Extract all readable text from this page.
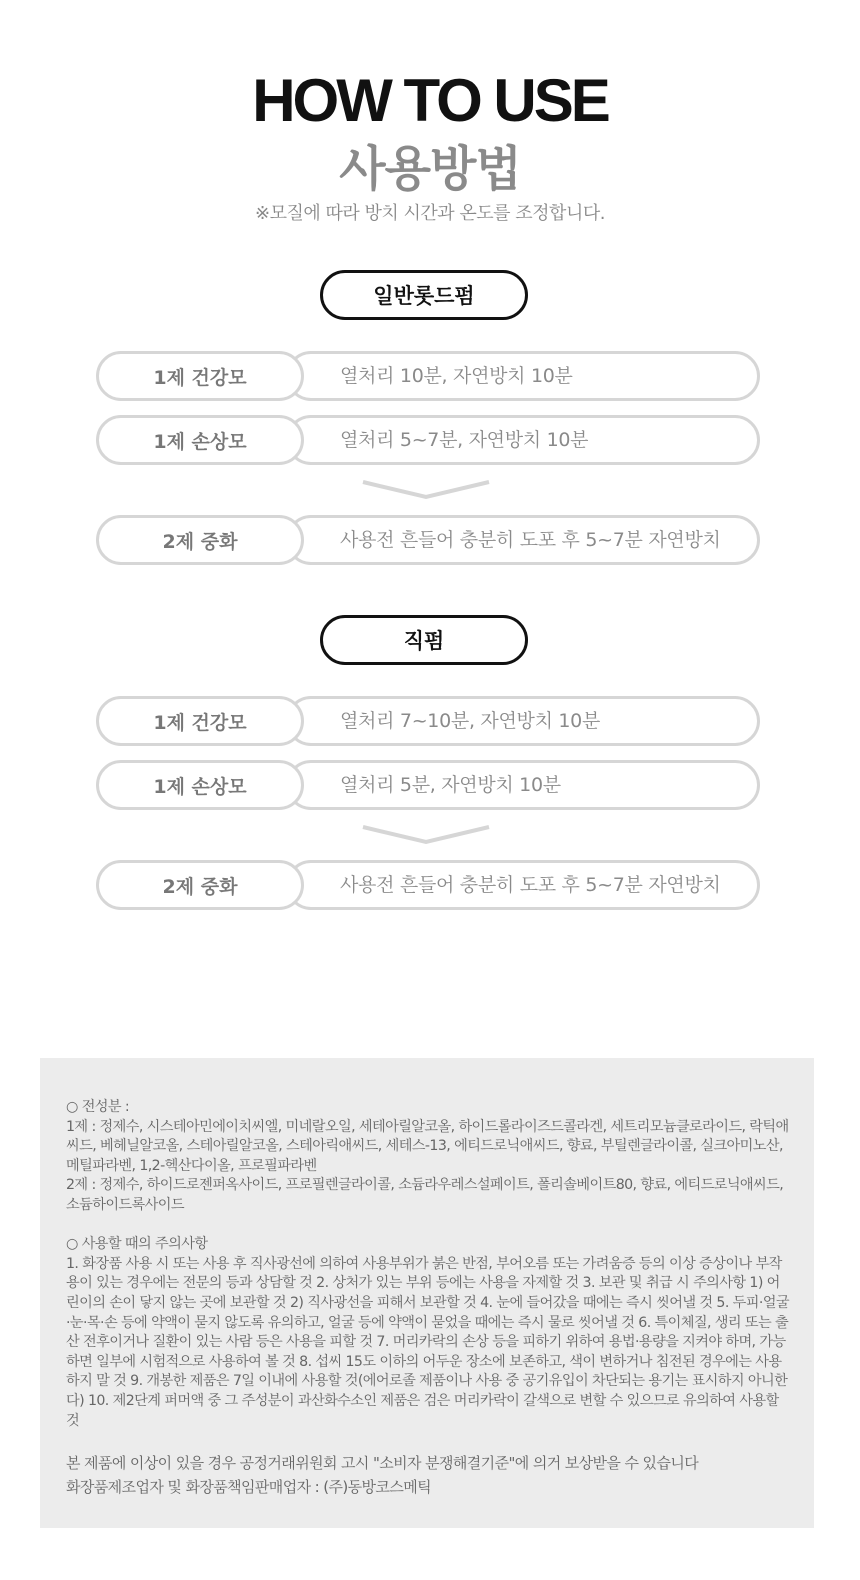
HOW TO USE
사용방법
※모질에 따라 방치 시간과 온도를 조정합니다.
일반롯드펌
열처리 10분, 자연방치 10분
1제 건강모
열처리 5~7분, 자연방치 10분
1제 손상모
사용전 흔들어 충분히 도포 후 5~7분 자연방치
2제 중화
직펌
열처리 7~10분, 자연방치 10분
1제 건강모
열처리 5분, 자연방치 10분
1제 손상모
사용전 흔들어 충분히 도포 후 5~7분 자연방치
2제 중화

○ 전성분 :

1제 : 정제수, 시스테아민에이치씨엘, 미네랄오일, 세테아릴알코올, 하이드롤라이즈드콜라겐, 세트리모늄클로라이드, 락틱애씨드, 베헤닐알코올, 스테아릴알코올, 스테아릭애씨드, 세테스-13, 에티드로닉애씨드, 향료, 부틸렌글라이콜, 실크아미노산, 메틸파라벤, 1,2-헥산다이올, 프로필파라벤

2제 : 정제수, 하이드로젠퍼옥사이드, 프로필렌글라이콜, 소듐라우레스설페이트, 폴리솔베이트80, 향료, 에티드로닉애씨드, 소듐하이드록사이드

○ 사용할 때의 주의사항

1. 화장품 사용 시 또는 사용 후 직사광선에 의하여 사용부위가 붉은 반점, 부어오름 또는 가려움증 등의 이상 증상이나 부작용이 있는 경우에는 전문의 등과 상담할 것 2. 상처가 있는 부위 등에는 사용을 자제할 것 3. 보관 및 취급 시 주의사항 1) 어린이의 손이 닿지 않는 곳에 보관할 것 2) 직사광선을 피해서 보관할 것 4. 눈에 들어갔을 때에는 즉시 씻어낼 것 5. 두피·얼굴·눈·목·손 등에 약액이 묻지 않도록 유의하고, 얼굴 등에 약액이 묻었을 때에는 즉시 물로 씻어낼 것 6. 특이체질, 생리 또는 출산 전후이거나 질환이 있는 사람 등은 사용을 피할 것 7. 머리카락의 손상 등을 피하기 위하여 용법·용량을 지켜야 하며, 가능하면 일부에 시험적으로 사용하여 볼 것 8. 섭씨 15도 이하의 어두운 장소에 보존하고, 색이 변하거나 침전된 경우에는 사용하지 말 것 9. 개봉한 제품은 7일 이내에 사용할 것(에어로졸 제품이나 사용 중 공기유입이 차단되는 용기는 표시하지 아니한다) 10. 제2단계 퍼머액 중 그 주성분이 과산화수소인 제품은 검은 머리카락이 갈색으로 변할 수 있으므로 유의하여 사용할 것

본 제품에 이상이 있을 경우 공정거래위원회 고시 "소비자 분쟁해결기준"에 의거 보상받을 수 있습니다

화장품제조업자 및 화장품책임판매업자 : (주)동방코스메틱
